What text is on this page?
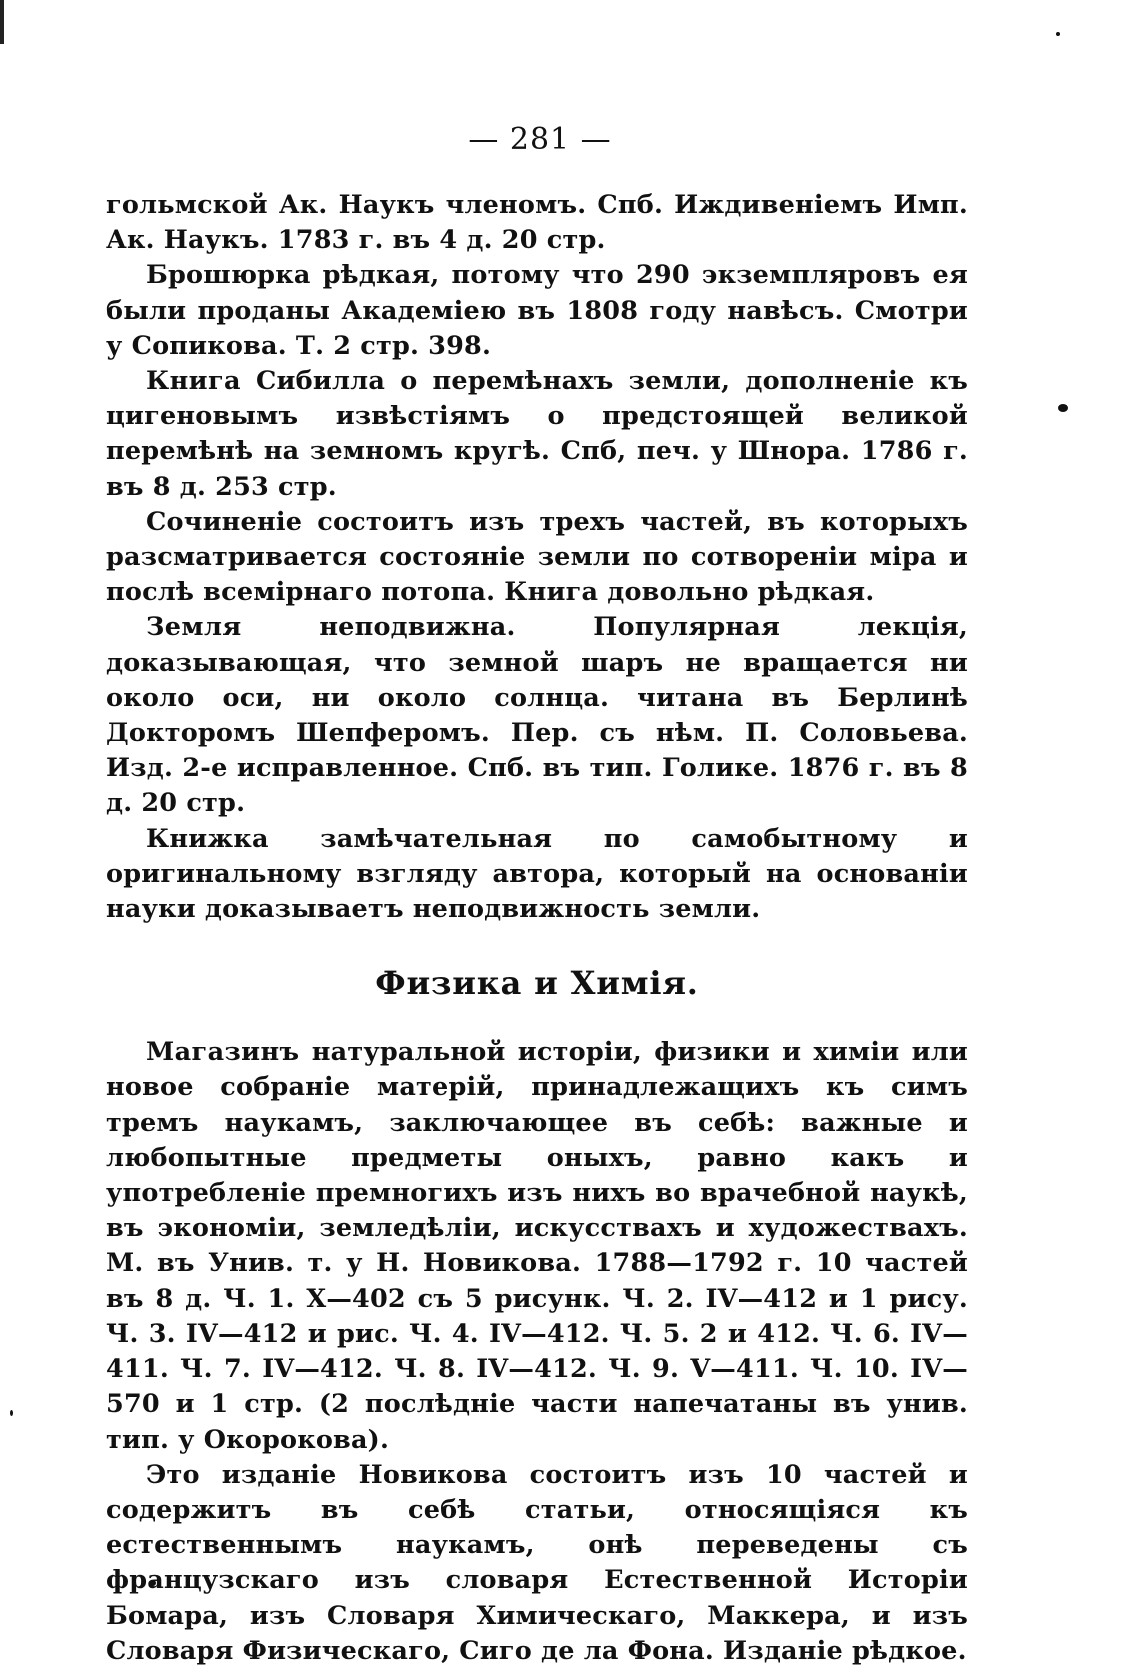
— 281 —

гольмской Ак. Наукъ членомъ. Спб. Иждивеніемъ Имп. Ак. Наукъ. 1783 г. въ 4 д. 20 стр.

Брошюрка рѣдкая, потому что 290 экземпляровъ ея были проданы Академіею въ 1808 году навѣсъ. Смотри у Сопикова. Т. 2 стр. 398.

Книга Сибилла о перемѣнахъ земли, дополненіе къ цигеновымъ извѣстіямъ о предстоящей великой перемѣнѣ на земномъ кругѣ. Спб, печ. у Шнора. 1786 г. въ 8 д. 253 стр.

Сочиненіе состоитъ изъ трехъ частей, въ которыхъ разсматривается состояніе земли по сотвореніи міра и послѣ всемірнаго потопа. Книга довольно рѣдкая.

Земля неподвижна. Популярная лекція, доказывающая, что земной шаръ не вращается ни около оси, ни около солнца. читана въ Берлинѣ Докторомъ Шепферомъ. Пер. съ нѣм. П. Соловьева. Изд. 2-е исправленное. Спб. въ тип. Голике. 1876 г. въ 8 д. 20 стр.

Книжка замѣчательная по самобытному и оригинальному взгляду автора, который на основаніи науки доказываетъ неподвижность земли.

Физика и Химія.

Магазинъ натуральной исторіи, физики и химіи или новое собраніе матерій, принадлежащихъ къ симъ тремъ наукамъ, заключающее въ себѣ: важные и любопытные предметы оныхъ, равно какъ и употребленіе премногихъ изъ нихъ во врачебной наукѣ, въ экономіи, земледѣліи, искусствахъ и художествахъ. М. въ Унив. т. у Н. Новикова. 1788—1792 г. 10 частей въ 8 д. Ч. 1. X—402 съ 5 рисунк. Ч. 2. IV—412 и 1 рису. Ч. 3. IV—412 и рис. Ч. 4. IV—412. Ч. 5. 2 и 412. Ч. 6. IV—411. Ч. 7. IV—412. Ч. 8. IV—412. Ч. 9. V—411. Ч. 10. IV—570 и 1 стр. (2 послѣдніе части напечатаны въ унив. тип. у Окорокова).

Это изданіе Новикова состоитъ изъ 10 частей и содержитъ въ себѣ статьи, относящіяся къ естественнымъ наукамъ, онѣ переведены съ французскаго изъ словаря Естественной Исторіи Бомара, изъ Словаря Химическаго, Маккера, и изъ Словаря Физическаго, Сиго де ла Фона. Изданіе рѣдкое.
